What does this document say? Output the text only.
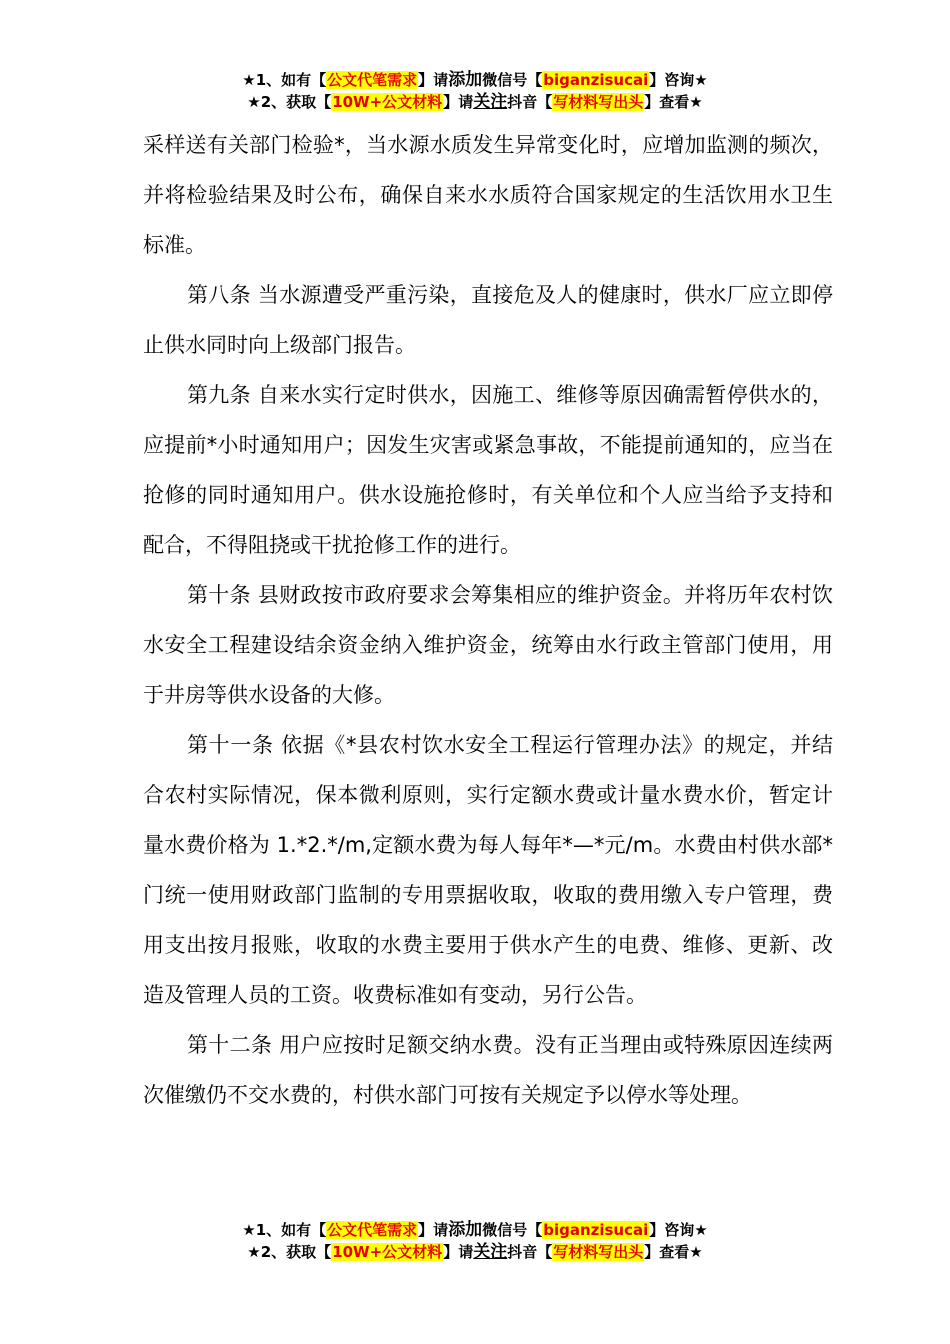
★1、如有【公文代笔需求】请添加微信号【biganzisucai】咨询★
★2、获取【10W+公文材料】请关注抖音【写材料写出头】查看★

采样送有关部门检验*，当水源水质发生异常变化时，应增加监测的频次，并将检验结果及时公布，确保自来水水质符合国家规定的生活饮用水卫生标准。

第八条 当水源遭受严重污染，直接危及人的健康时，供水厂应立即停止供水同时向上级部门报告。

第九条 自来水实行定时供水，因施工、维修等原因确需暂停供水的，应提前*小时通知用户；因发生灾害或紧急事故，不能提前通知的，应当在抢修的同时通知用户。供水设施抢修时，有关单位和个人应当给予支持和配合，不得阻挠或干扰抢修工作的进行。

第十条 县财政按市政府要求会筹集相应的维护资金。并将历年农村饮水安全工程建设结余资金纳入维护资金，统筹由水行政主管部门使用，用于井房等供水设备的大修。

第十一条 依据《*县农村饮水安全工程运行管理办法》的规定，并结合农村实际情况，保本微利原则，实行定额水费或计量水费水价，暂定计量水费价格为 1.*2.*/m,定额水费为每人每年*—*元/m。水费由村供水部*门统一使用财政部门监制的专用票据收取，收取的费用缴入专户管理，费用支出按月报账，收取的水费主要用于供水产生的电费、维修、更新、改造及管理人员的工资。收费标准如有变动，另行公告。

第十二条 用户应按时足额交纳水费。没有正当理由或特殊原因连续两次催缴仍不交水费的，村供水部门可按有关规定予以停水等处理。

★1、如有【公文代笔需求】请添加微信号【biganzisucai】咨询★
★2、获取【10W+公文材料】请关注抖音【写材料写出头】查看★
